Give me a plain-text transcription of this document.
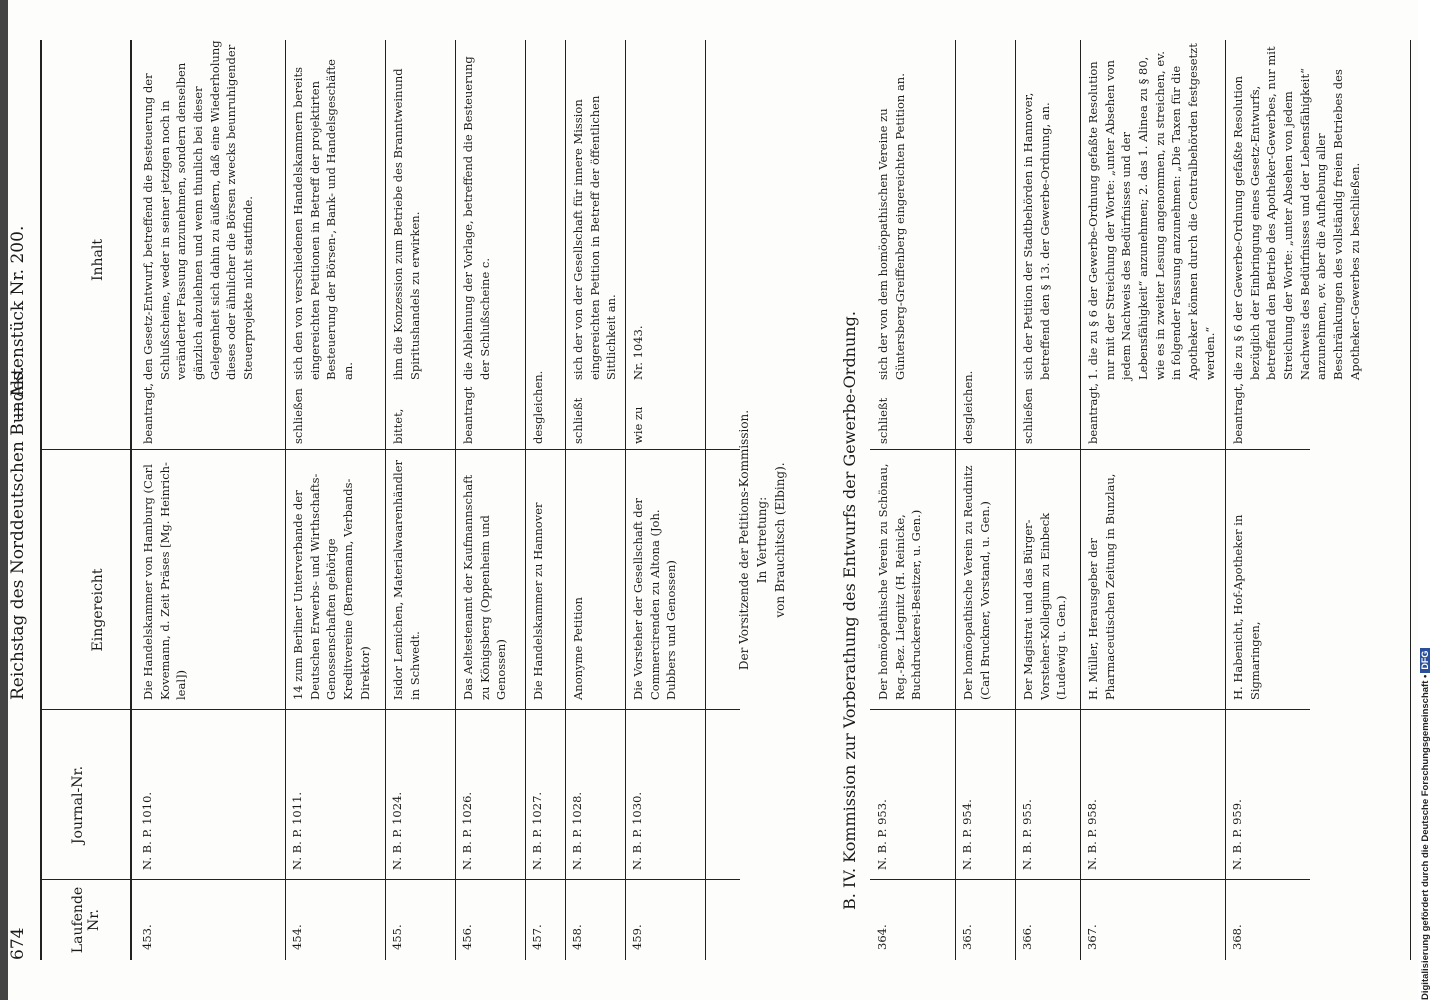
674
Reichstag des Norddeutschen Bundes.
— Aktenstück Nr. 200.
Laufende Nr.
Journal-Nr.
Eingereicht
Inhalt
453.
N. B. P. 1010.
Die Handelskammer von Hamburg (Carl Kovemann, d. Zeit Präses [Mg. Heinrich-leal])
beantragt,
den Gesetz-Entwurf, betreffend die Besteuerung der Schlußscheine, weder in seiner jetzigen noch in veränderter Fassung anzunehmen, sondern denselben gänzlich abzulehnen und wenn thunlich bei dieser Gelegenheit sich dahin zu äußern, daß eine Wiederholung dieses oder ähnlicher die Börsen zwecks beunruhigender Steuerprojekte nicht stattfinde.
454.
N. B. P. 1011.
14 zum Berliner Unterverbande der Deutschen Erwerbs- und Wirthschafts-Genossenschaften gehörige Kreditvereine (Bernemann, Verbands-Direktor)
schließen
sich den von verschiedenen Handelskammern bereits eingereichten Petitionen in Betreff der projektirten Besteuerung der Börsen-, Bank- und Handelsgeschäfte an.
455.
N. B. P. 1024.
Isidor Lemichen, Materialwaarenhändler in Schwedt.
bittet,
ihm die Konzession zum Betriebe des Branntweinund Spiritushandels zu erwirken.
456.
N. B. P. 1026.
Das Aeltestenamt der Kaufmannschaft zu Königsberg (Oppenheim und Genossen)
beantragt
die Ablehnung der Vorlage, betreffend die Besteuerung der Schlußscheine c.
457.
N. B. P. 1027.
Die Handelskammer zu Hannover
desgleichen.
458.
N. B. P. 1028.
Anonyme Petition
schließt
sich der von der Gesellschaft für innere Mission eingereichten Petition in Betreff der öffentlichen Sittlichkeit an.
459.
N. B. P. 1030.
Die Vorsteher der Gesellschaft der Commercirenden zu Altona (Joh. Dubbers und Genossen)
wie zu
Nr. 1043.
Der Vorsitzende der Petitions-Kommission. In Vertretung: von Brauchitsch (Elbing).	B. IV. Kommission zur Vorberathung des Entwurfs der Gewerbe-Ordnung.
364.
N. B. P. 953.
Der homöopathische Verein zu Schönau, Reg.-Bez. Liegnitz (H. Reinicke, Buchdruckerei-Besitzer, u. Gen.)
schließt
sich der von dem homöopathischen Vereine zu Güntersberg-Greiffenberg eingereichten Petition an.
365.
N. B. P. 954.
Der homöopathische Verein zu Reudnitz (Carl Bruckner, Vorstand, u. Gen.)
desgleichen.
366.
N. B. P. 955.
Der Magistrat und das Bürger-Vorsteher-Kollegium zu Einbeck (Ludewig u. Gen.)
schließen
sich der Petition der Stadtbehörden in Hannover, betreffend den § 13. der Gewerbe-Ordnung, an.
367.
N. B. P. 958.
H. Müller, Herausgeber der Pharmaceutischen Zeitung in Bunzlau,
beantragt,
1. die zu § 6 der Gewerbe-Ordnung gefaßte Resolution nur mit der Streichung der Worte: „unter Absehen von jedem Nachweis des Bedürfnisses und der Lebensfähigkeit“ anzunehmen; 2. das 1. Alinea zu § 80, wie es in zweiter Lesung angenommen, zu streichen, ev. in folgender Fassung anzunehmen: „Die Taxen für die Apotheker können durch die Centralbehörden festgesetzt werden.“
368.
N. B. P. 959.
H. Habenicht, Hof-Apotheker in Sigmaringen,
beantragt,
die zu § 6 der Gewerbe-Ordnung gefaßte Resolution bezüglich der Einbringung eines Gesetz-Entwurfs, betreffend den Betrieb des Apotheker-Gewerbes, nur mit Streichung der Worte: „unter Absehen von jedem Nachweis des Bedürfnisses und der Lebensfähigkeit“ anzunehmen, ev. aber die Aufhebung aller Beschränkungen des vollständig freien Betriebes des Apotheker-Gewerbes zu beschließen.
Digitalisierung gefördert durch die Deutsche Forschungsgemeinschaft •DFG
